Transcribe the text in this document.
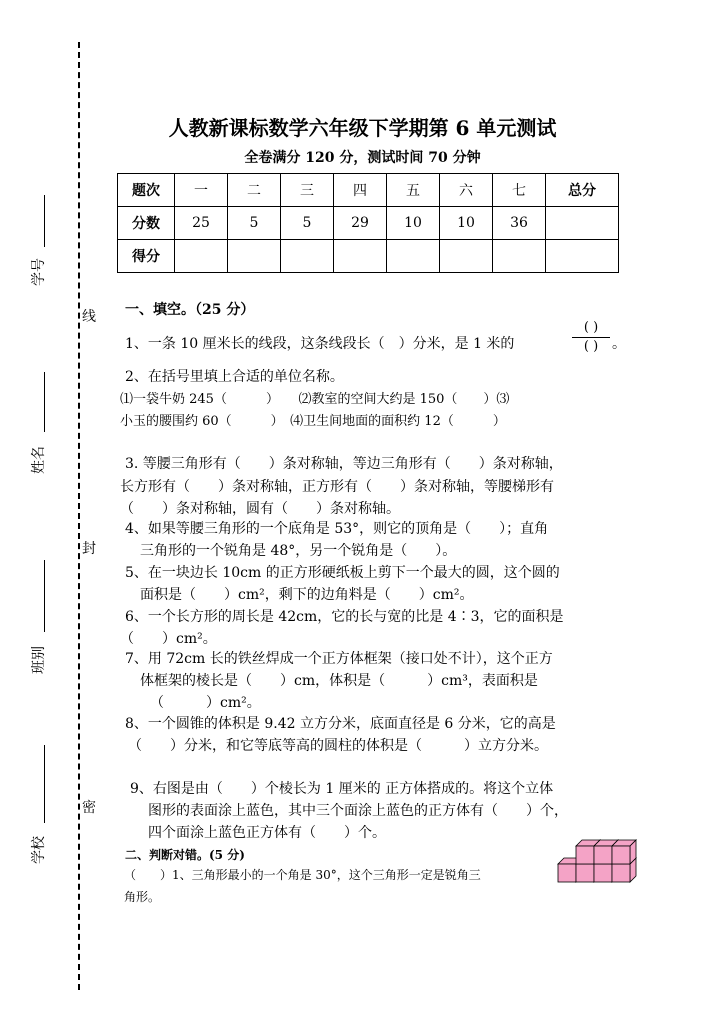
学号
姓名
班别
学校
线
封
密
人教新课标数学六年级下学期第 6 单元测试
全卷满分 120 分，测试时间 70 分钟
题次	一	二	三	四	五	六	七	总分
分数	25	5	5	29	10	10	36	
得分								
一、填空。（25 分）
1、一条 10 厘米长的线段，这条线段长（　）分米，是 1 米的
( )
( ) 。
2、在括号里填上合适的单位名称。
⑴一袋牛奶 245（　　　）　　⑵教室的空间大约是 150（　　）⑶
小玉的腰围约 60（　　　）　⑷卫生间地面的面积约 12（　　　）
3. 等腰三角形有（　　）条对称轴，等边三角形有（　　）条对称轴，
长方形有（　　）条对称轴，正方形有（　　）条对称轴，等腰梯形有
（　　）条对称轴，圆有（　　）条对称轴。
4、如果等腰三角形的一个底角是 53°，则它的顶角是（　　）；直角
三角形的一个锐角是 48°，另一个锐角是（　　）。
5、在一块边长 10cm 的正方形硬纸板上剪下一个最大的圆，这个圆的
面积是（　　）cm²，剩下的边角料是（　　）cm²。
6、一个长方形的周长是 42cm，它的长与宽的比是 4∶3，它的面积是
（　　）cm²。
7、用 72cm 长的铁丝焊成一个正方体框架（接口处不计），这个正方
体框架的棱长是（　　）cm，体积是（　　　）cm³，表面积是
（　　　）cm²。
8、一个圆锥的体积是 9.42 立方分米，底面直径是 6 分米，它的高是
（　　）分米，和它等底等高的圆柱的体积是（　　　）立方分米。
9、右图是由（　　）个棱长为 1 厘米的 正方体搭成的。将这个立体
图形的表面涂上蓝色，其中三个面涂上蓝色的正方体有（　　）个，
四个面涂上蓝色正方体有（　　）个。
二、判断对错。(5 分)
（　　）1、三角形最小的一个角是 30°，这个三角形一定是锐角三
角形。
